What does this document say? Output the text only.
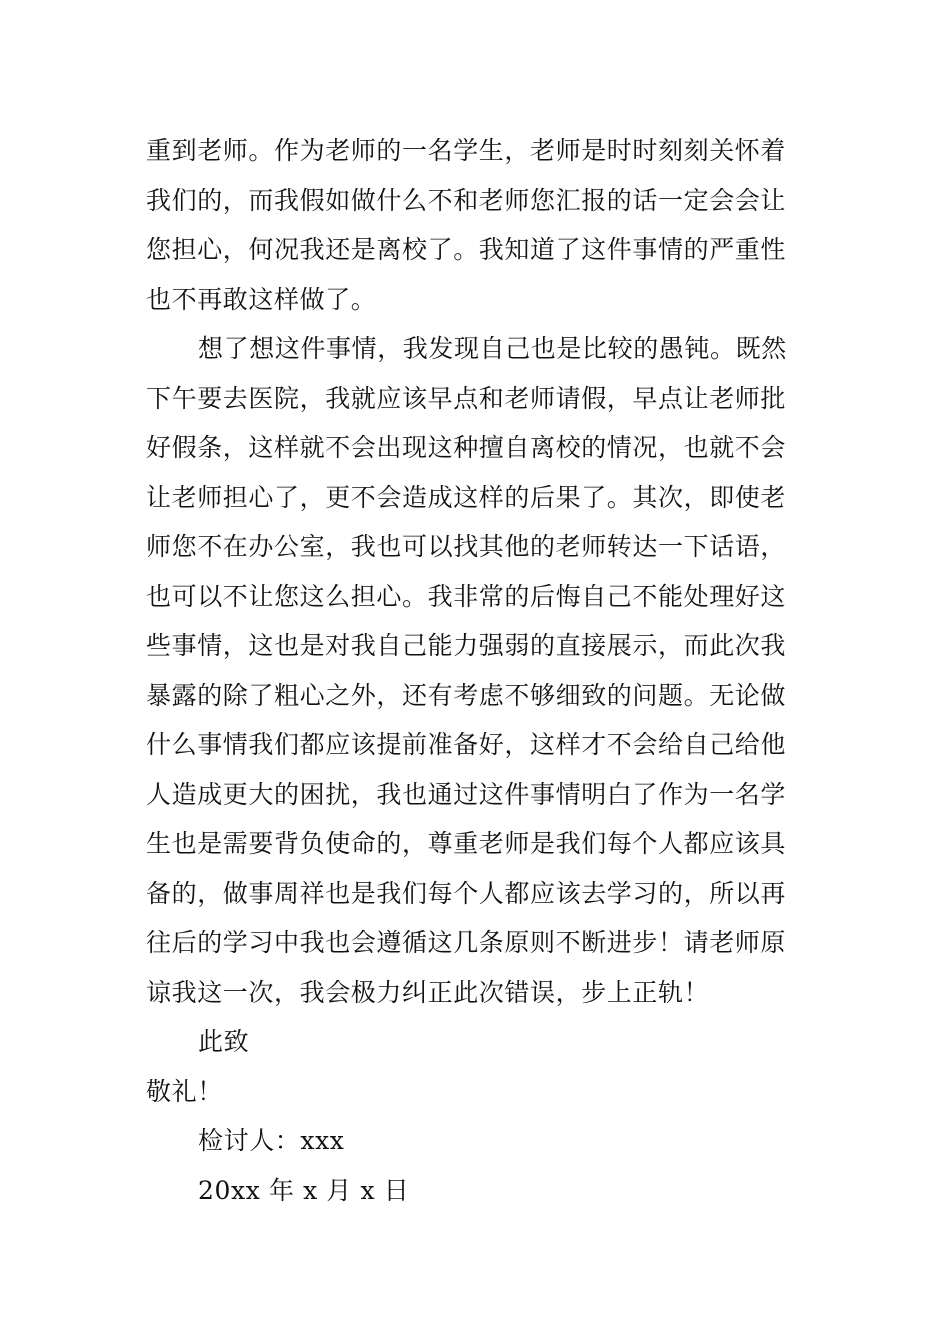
重到老师。作为老师的一名学生，老师是时时刻刻关怀着
我们的，而我假如做什么不和老师您汇报的话一定会会让
您担心，何况我还是离校了。我知道了这件事情的严重性
也不再敢这样做了。
想了想这件事情，我发现自己也是比较的愚钝。既然
下午要去医院，我就应该早点和老师请假，早点让老师批
好假条，这样就不会出现这种擅自离校的情况，也就不会
让老师担心了，更不会造成这样的后果了。其次，即使老
师您不在办公室，我也可以找其他的老师转达一下话语，
也可以不让您这么担心。我非常的后悔自己不能处理好这
些事情，这也是对我自己能力强弱的直接展示，而此次我
暴露的除了粗心之外，还有考虑不够细致的问题。无论做
什么事情我们都应该提前准备好，这样才不会给自己给他
人造成更大的困扰，我也通过这件事情明白了作为一名学
生也是需要背负使命的，尊重老师是我们每个人都应该具
备的，做事周祥也是我们每个人都应该去学习的，所以再
往后的学习中我也会遵循这几条原则不断进步！请老师原
谅我这一次，我会极力纠正此次错误，步上正轨！
此致
敬礼！
检讨人：xxx
20xx 年 x 月 x 日
